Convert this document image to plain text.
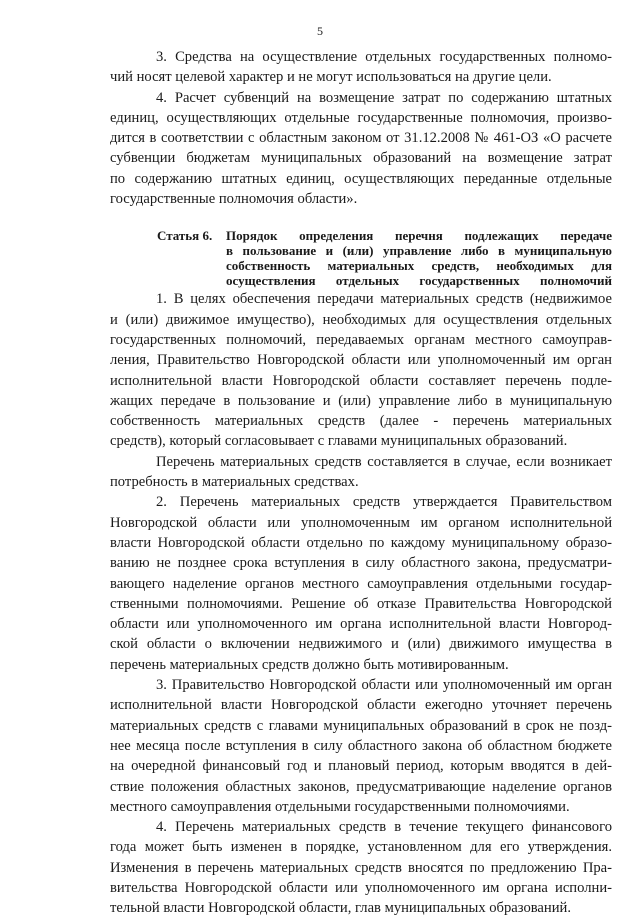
5
3. Средства на осуществление отдельных государственных полномо-
чий носят целевой характер и не могут использоваться на другие цели.
4. Расчет субвенций на возмещение затрат по содержанию штатных
единиц, осуществляющих отдельные государственные полномочия, произво-
дится в соответствии с областным законом от 31.12.2008 № 461-ОЗ «О расчете
субвенции бюджетам муниципальных образований на возмещение затрат
по содержанию штатных единиц, осуществляющих переданные отдельные
государственные полномочия области».
Статья 6. Порядок определения перечня подлежащих передаче
в пользование и (или) управление либо в муниципальную
собственность материальных средств, необходимых для
осуществления отдельных государственных полномочий
1. В целях обеспечения передачи материальных средств (недвижимое
и (или) движимое имущество), необходимых для осуществления отдельных
государственных полномочий, передаваемых органам местного самоуправ-
ления, Правительство Новгородской области или уполномоченный им орган
исполнительной власти Новгородской области составляет перечень подле-
жащих передаче в пользование и (или) управление либо в муниципальную
собственность материальных средств (далее - перечень материальных
средств), который согласовывает с главами муниципальных образований.
Перечень материальных средств составляется в случае, если возникает
потребность в материальных средствах.
2. Перечень материальных средств утверждается Правительством
Новгородской области или уполномоченным им органом исполнительной
власти Новгородской области отдельно по каждому муниципальному образо-
ванию не позднее срока вступления в силу областного закона, предусматри-
вающего наделение органов местного самоуправления отдельными государ-
ственными полномочиями. Решение об отказе Правительства Новгородской
области или уполномоченного им органа исполнительной власти Новгород-
ской области о включении недвижимого и (или) движимого имущества в
перечень материальных средств должно быть мотивированным.
3. Правительство Новгородской области или уполномоченный им орган
исполнительной власти Новгородской области ежегодно уточняет перечень
материальных средств с главами муниципальных образований в срок не позд-
нее месяца после вступления в силу областного закона об областном бюджете
на очередной финансовый год и плановый период, которым вводятся в дей-
ствие положения областных законов, предусматривающие наделение органов
местного самоуправления отдельными государственными полномочиями.
4. Перечень материальных средств в течение текущего финансового
года может быть изменен в порядке, установленном для его утверждения.
Изменения в перечень материальных средств вносятся по предложению Пра-
вительства Новгородской области или уполномоченного им органа исполни-
тельной власти Новгородской области, глав муниципальных образований.
